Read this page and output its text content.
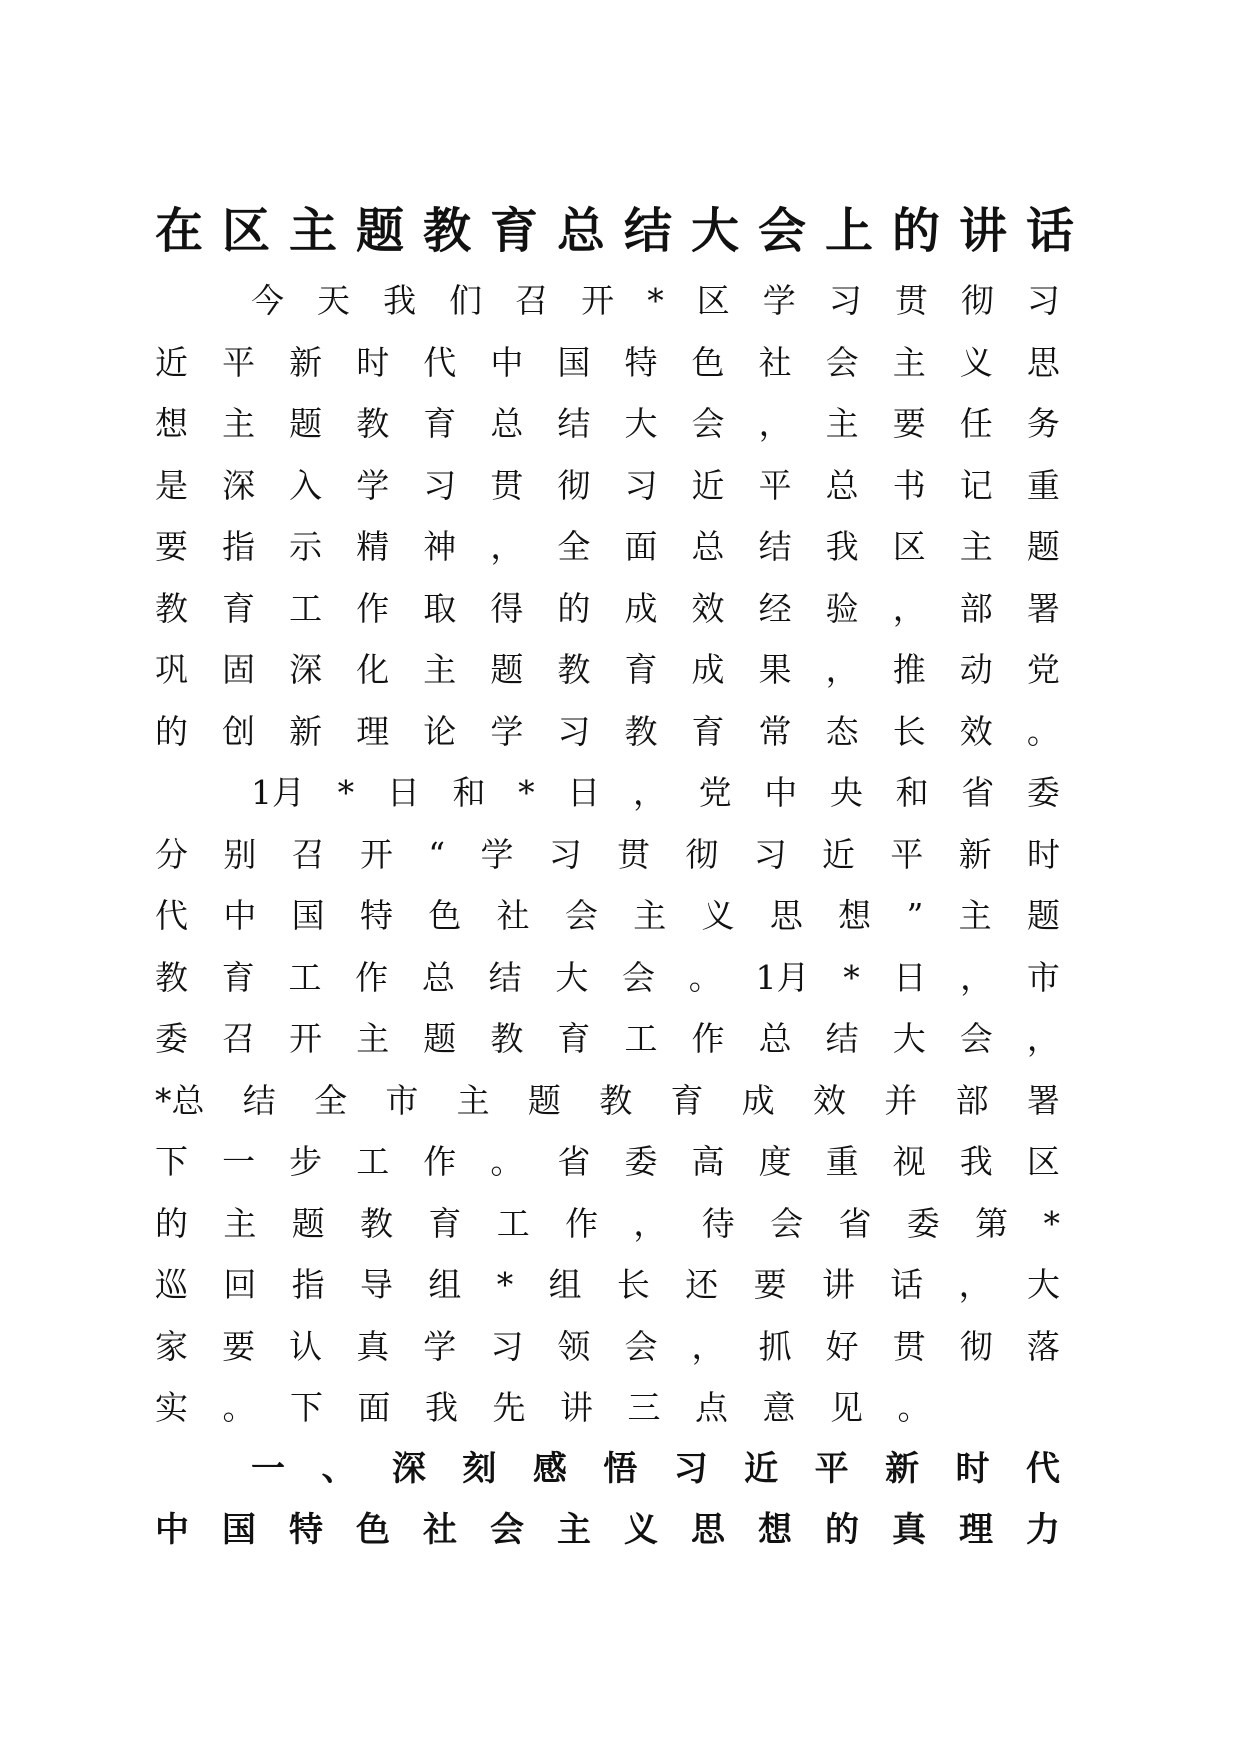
在区主题教育总结大会上的讲话
今 天 我 们 召 开 * 区 学 习 贯 彻 习
近 平 新 时 代 中 国 特 色 社 会 主 义 思
想 主 题 教 育 总 结 大 会 ， 主 要 任 务
是 深 入 学 习 贯 彻 习 近 平 总 书 记 重
要 指 示 精 神 ， 全 面 总 结 我 区 主 题
教 育 工 作 取 得 的 成 效 经 验 ， 部 署
巩 固 深 化 主 题 教 育 成 果 ， 推 动 党
的 创 新 理 论 学 习 教 育 常 态 长 效 。
1月 * 日 和 * 日 ， 党 中 央 和 省 委
分 别 召 开 “ 学 习 贯 彻 习 近 平 新 时
代 中 国 特 色 社 会 主 义 思 想 ” 主 题
教 育 工 作 总 结 大 会 。 1月 * 日 ， 市
委 召 开 主 题 教 育 工 作 总 结 大 会 ，
*总 结 全 市 主 题 教 育 成 效 并 部 署
下 一 步 工 作 。 省 委 高 度 重 视 我 区
的 主 题 教 育 工 作 ， 待 会 省 委 第 *
巡 回 指 导 组 * 组 长 还 要 讲 话 ， 大
家 要 认 真 学 习 领 会 ， 抓 好 贯 彻 落
实 。 下 面 我 先 讲 三 点 意 见 。
一 、 深 刻 感 悟 习 近 平 新 时 代
中 国 特 色 社 会 主 义 思 想 的 真 理 力
